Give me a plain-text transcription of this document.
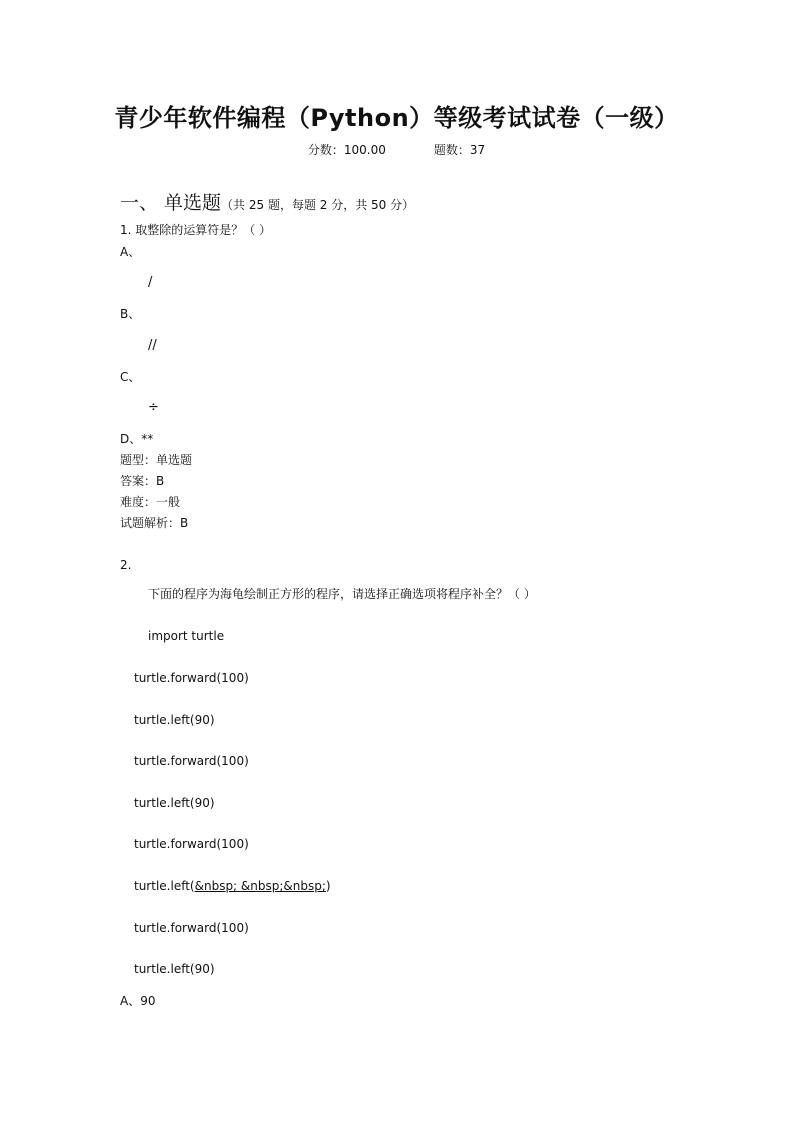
青少年软件编程（Python）等级考试试卷（一级）
分数：100.00	题数：37
一、 单选题（共 25 题，每题 2 分，共 50 分）
1. 取整除的运算符是？（ ）
A、
/
B、
//
C、
÷
D、**
题型：单选题
答案：B
难度：一般
试题解析：B
2.
下面的程序为海龟绘制正方形的程序，请选择正确选项将程序补全？（ ）
import turtle
turtle.forward(100)
turtle.left(90)
turtle.forward(100)
turtle.left(90)
turtle.forward(100)
turtle.left(&nbsp; &nbsp;&nbsp;)
turtle.forward(100)
turtle.left(90)
A、90
